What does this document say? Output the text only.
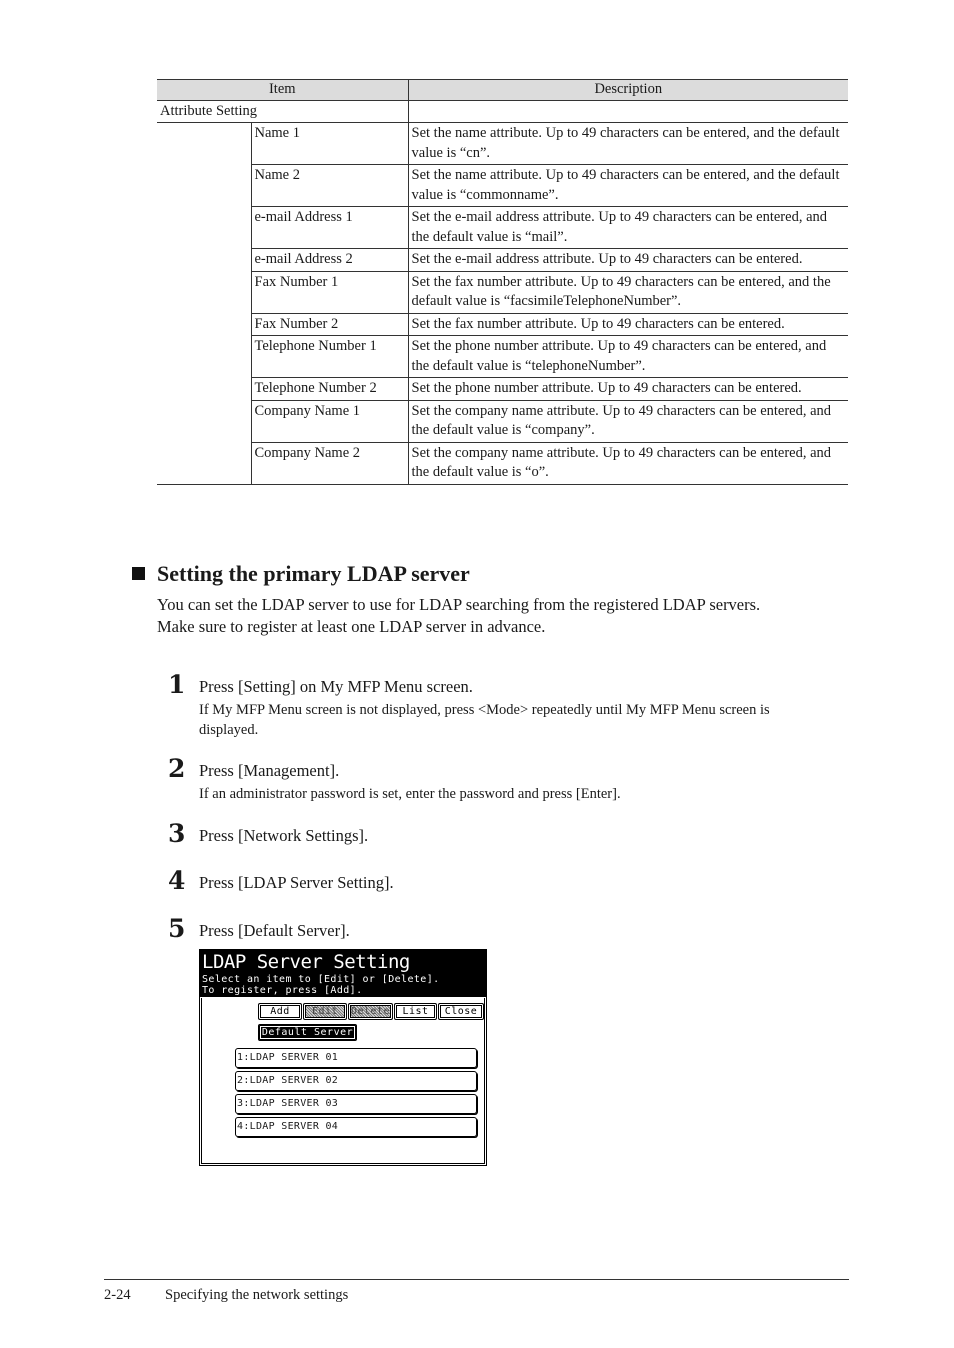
Item		Description
Attribute Setting		
	Name 1	Set the name attribute. Up to 49 characters can be entered, and the default value is “cn”.
	Name 2	Set the name attribute. Up to 49 characters can be entered, and the default value is “commonname”.
	e-mail Address 1	Set the e-mail address attribute. Up to 49 characters can be entered, and the default value is “mail”.
	e-mail Address 2	Set the e-mail address attribute. Up to 49 characters can be entered.
	Fax Number 1	Set the fax number attribute. Up to 49 characters can be entered, and the default value is “facsimileTelephoneNumber”.
	Fax Number 2	Set the fax number attribute. Up to 49 characters can be entered.
	Telephone Number 1	Set the phone number attribute. Up to 49 characters can be entered, and the default value is “telephoneNumber”.
	Telephone Number 2	Set the phone number attribute. Up to 49 characters can be entered.
	Company Name 1	Set the company name attribute. Up to 49 characters can be entered, and the default value is “company”.
	Company Name 2	Set the company name attribute. Up to 49 characters can be entered, and the default value is “o”.
Setting the primary LDAP server

You can set the LDAP server to use for LDAP searching from the registered LDAP servers.

Make sure to register at least one LDAP server in advance.

1 Press [Setting] on My MFP Menu screen.
If My MFP Menu screen is not displayed, press <Mode> repeatedly until My MFP Menu screen is displayed.
2 Press [Management].
If an administrator password is set, enter the password and press [Enter].
3 Press [Network Settings].
4 Press [LDAP Server Setting].
5 Press [Default Server].
LDAP Server Setting
Select an item to [Edit] or [Delete].
To register, press [Add].
Add	Edit	Delete	List	Close
Default Server
1:LDAP SERVER 01
2:LDAP SERVER 02
3:LDAP SERVER 03
4:LDAP SERVER 04
2-24 Specifying the network settings
